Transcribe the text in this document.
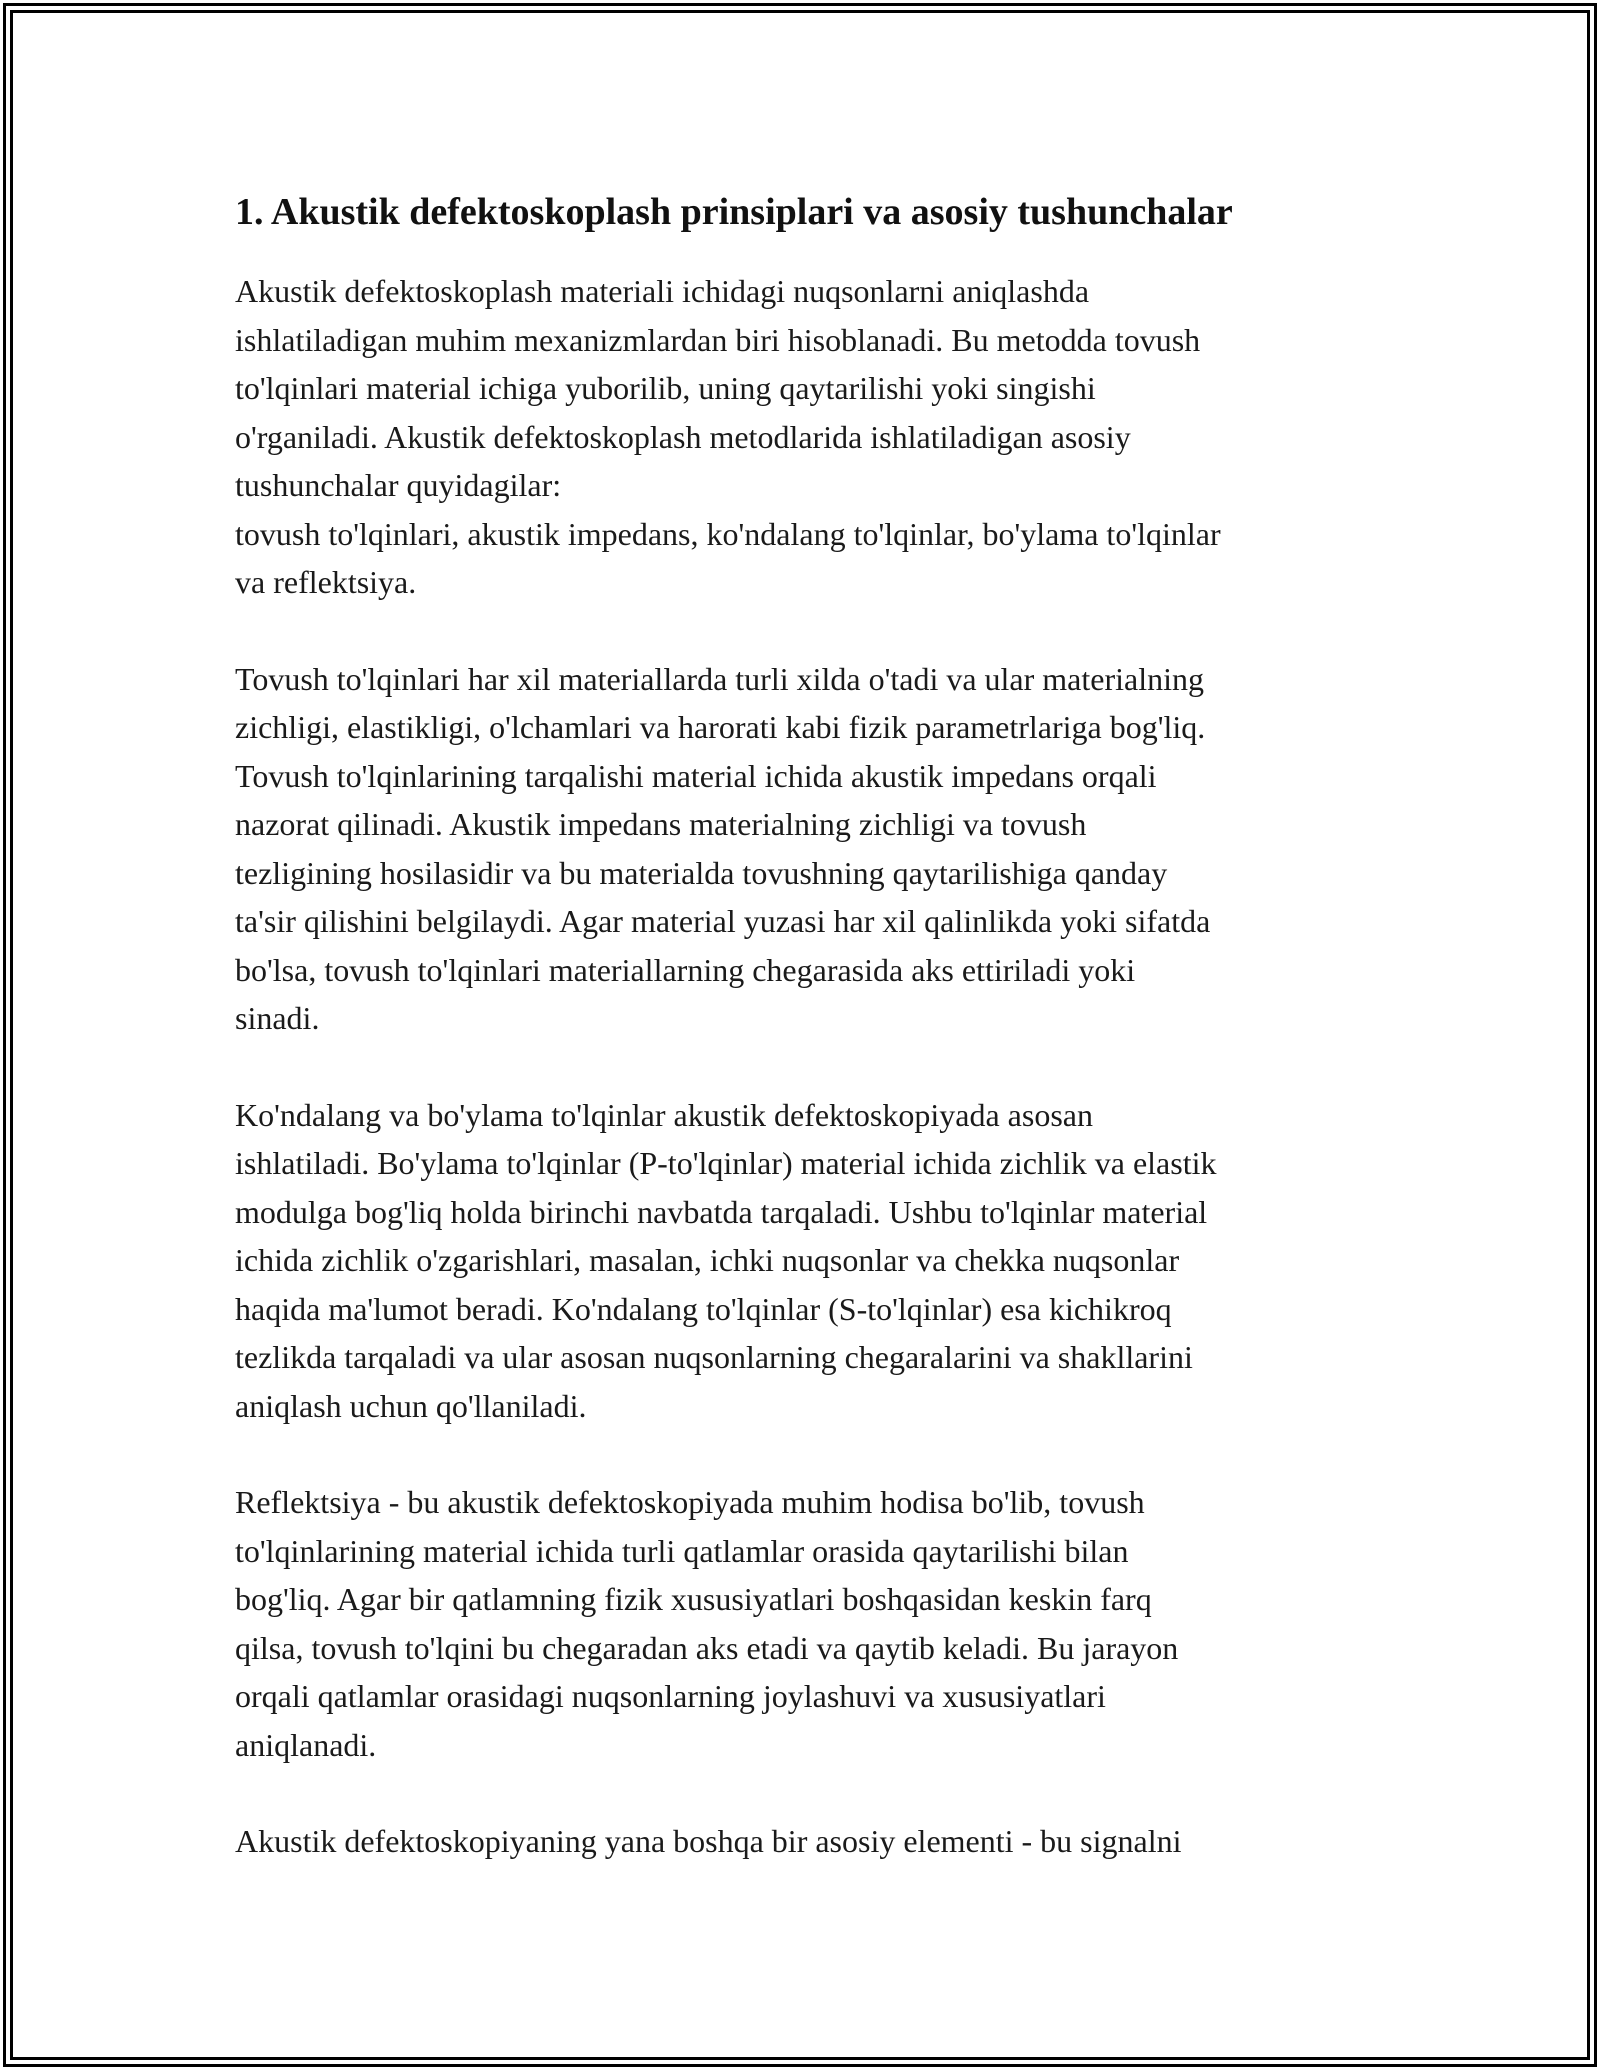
1. Akustik defektoskoplash prinsiplari va asosiy tushunchalar

Akustik defektoskoplash materiali ichidagi nuqsonlarni aniqlashda
ishlatiladigan muhim mexanizmlardan biri hisoblanadi. Bu metodda tovush
to'lqinlari material ichiga yuborilib, uning qaytarilishi yoki singishi
o'rganiladi. Akustik defektoskoplash metodlarida ishlatiladigan asosiy
tushunchalar quyidagilar:
tovush to'lqinlari, akustik impedans, ko'ndalang to'lqinlar, bo'ylama to'lqinlar
va reflektsiya.

Tovush to'lqinlari har xil materiallarda turli xilda o'tadi va ular materialning
zichligi, elastikligi, o'lchamlari va harorati kabi fizik parametrlariga bog'liq.
Tovush to'lqinlarining tarqalishi material ichida akustik impedans orqali
nazorat qilinadi. Akustik impedans materialning zichligi va tovush
tezligining hosilasidir va bu materialda tovushning qaytarilishiga qanday
ta'sir qilishini belgilaydi. Agar material yuzasi har xil qalinlikda yoki sifatda
bo'lsa, tovush to'lqinlari materiallarning chegarasida aks ettiriladi yoki
sinadi.

Ko'ndalang va bo'ylama to'lqinlar akustik defektoskopiyada asosan
ishlatiladi. Bo'ylama to'lqinlar (P-to'lqinlar) material ichida zichlik va elastik
modulga bog'liq holda birinchi navbatda tarqaladi. Ushbu to'lqinlar material
ichida zichlik o'zgarishlari, masalan, ichki nuqsonlar va chekka nuqsonlar
haqida ma'lumot beradi. Ko'ndalang to'lqinlar (S-to'lqinlar) esa kichikroq
tezlikda tarqaladi va ular asosan nuqsonlarning chegaralarini va shakllarini
aniqlash uchun qo'llaniladi.

Reflektsiya - bu akustik defektoskopiyada muhim hodisa bo'lib, tovush
to'lqinlarining material ichida turli qatlamlar orasida qaytarilishi bilan
bog'liq. Agar bir qatlamning fizik xususiyatlari boshqasidan keskin farq
qilsa, tovush to'lqini bu chegaradan aks etadi va qaytib keladi. Bu jarayon
orqali qatlamlar orasidagi nuqsonlarning joylashuvi va xususiyatlari
aniqlanadi.

Akustik defektoskopiyaning yana boshqa bir asosiy elementi - bu signalni
